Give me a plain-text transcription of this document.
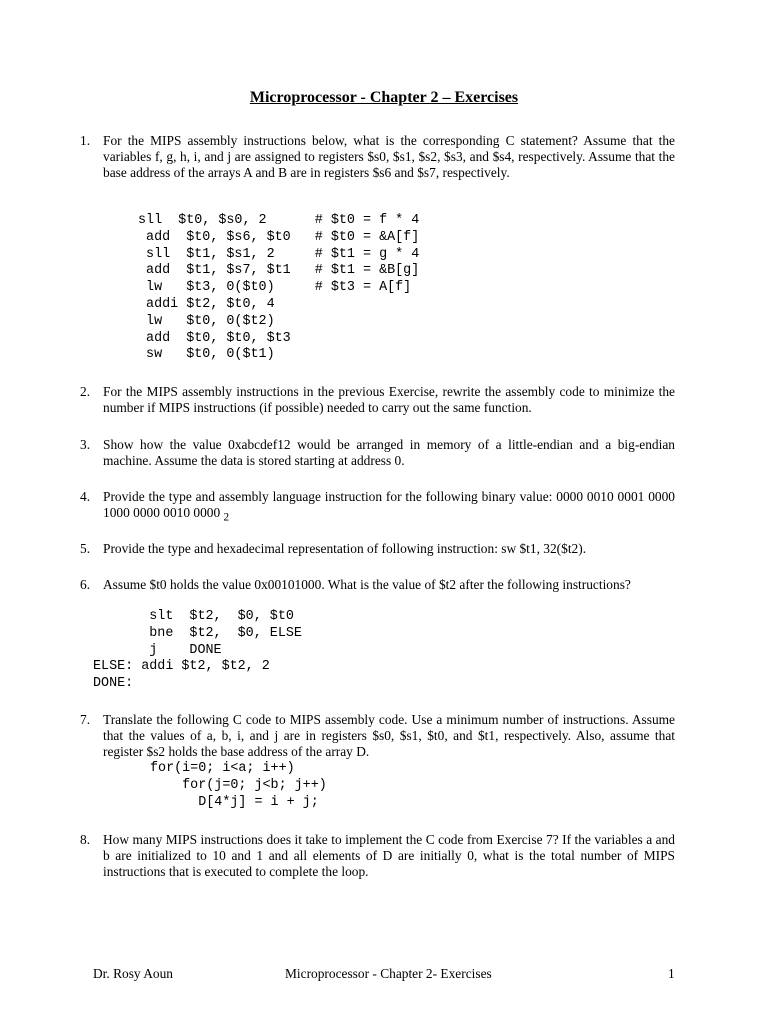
Microprocessor - Chapter 2 – Exercises
1. For the MIPS assembly instructions below, what is the corresponding C statement? Assume that the variables f, g, h, i, and j are assigned to registers $s0, $s1, $s2, $s3, and $s4, respectively. Assume that the base address of the arrays A and B are in registers $s6 and $s7, respectively.
sll  $t0, $s0, 2      # $t0 = f * 4
add  $t0, $s6, $t0   # $t0 = &A[f]
sll  $t1, $s1, 2     # $t1 = g * 4
add  $t1, $s7, $t1   # $t1 = &B[g]
lw   $t3, 0($t0)     # $t3 = A[f]
addi $t2, $t0, 4
lw   $t0, 0($t2)
add  $t0, $t0, $t3
sw   $t0, 0($t1)
2. For the MIPS assembly instructions in the previous Exercise, rewrite the assembly code to minimize the number if MIPS instructions (if possible) needed to carry out the same function.
3. Show how the value 0xabcdef12 would be arranged in memory of a little-endian and a big-endian machine. Assume the data is stored starting at address 0.
4. Provide the type and assembly language instruction for the following binary value: 0000 0010 0001 0000 1000 0000 0010 0000 $_2$
5. Provide the type and hexadecimal representation of following instruction: sw $t1, 32($t2).
6. Assume $t0 holds the value 0x00101000. What is the value of $t2 after the following instructions?
slt  $t2,  $0, $t0
bne  $t2,  $0, ELSE
j    DONE
ELSE: addi $t2, $t2, 2
DONE:
7. Translate the following C code to MIPS assembly code. Use a minimum number of instructions. Assume that the values of a, b, i, and j are in registers $s0, $s1, $t0, and $t1, respectively. Also, assume that register $s2 holds the base address of the array D.
for(i=0; i<a; i++)
for(j=0; j<b; j++)
D[4*j] = i + j;
8. How many MIPS instructions does it take to implement the C code from Exercise 7? If the variables a and b are initialized to 10 and 1 and all elements of D are initially 0, what is the total number of MIPS instructions that is executed to complete the loop.
Dr. Rosy Aoun	Microprocessor - Chapter 2- Exercises	1
